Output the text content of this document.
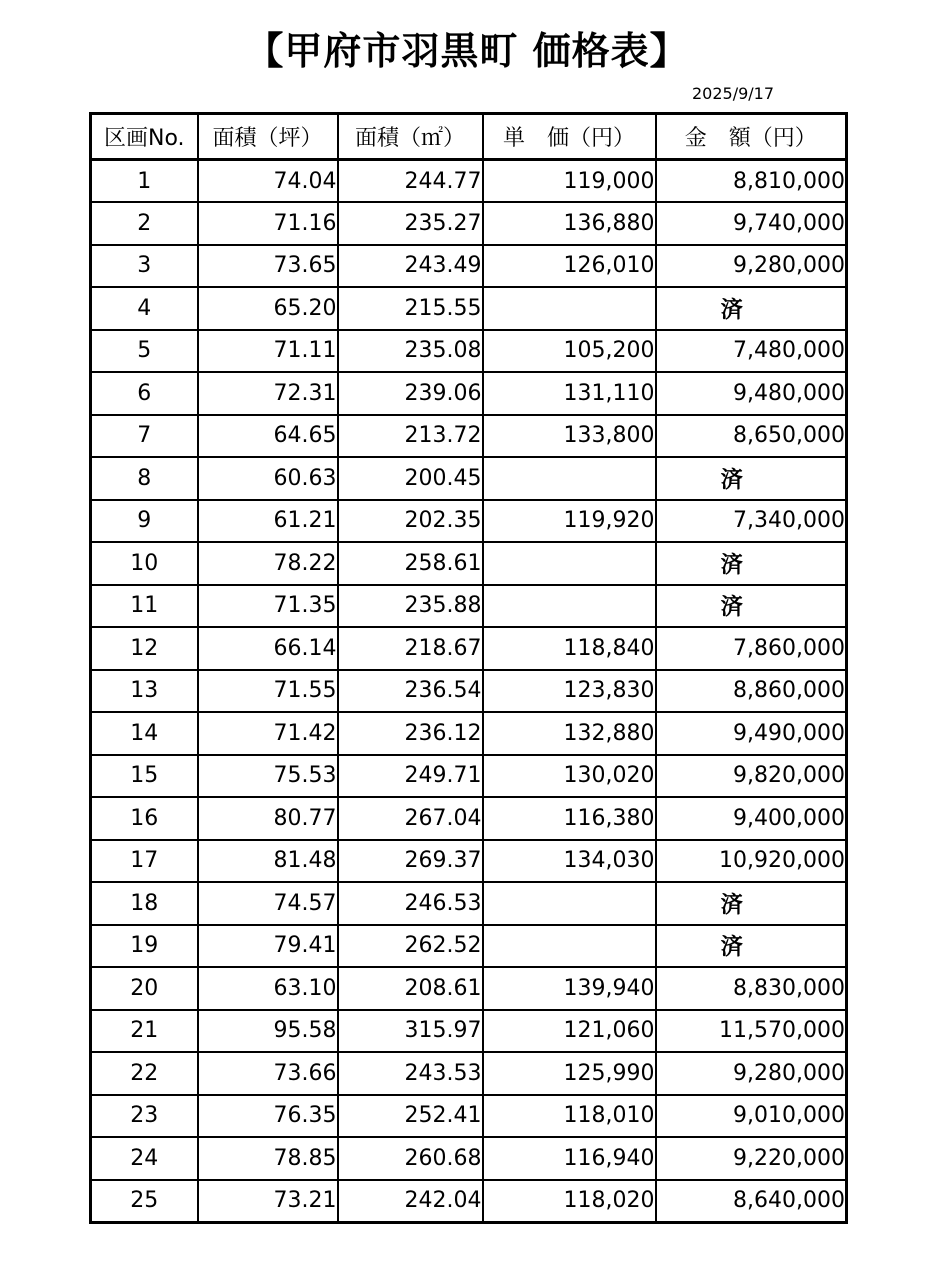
【甲府市羽黒町 価格表】
2025/9/17
区画No.	面積（坪）	面積（㎡）	単　価（円）	金　額（円）
1	74.04	244.77	119,000	8,810,000
2	71.16	235.27	136,880	9,740,000
3	73.65	243.49	126,010	9,280,000
4	65.20	215.55		済
5	71.11	235.08	105,200	7,480,000
6	72.31	239.06	131,110	9,480,000
7	64.65	213.72	133,800	8,650,000
8	60.63	200.45		済
9	61.21	202.35	119,920	7,340,000
10	78.22	258.61		済
11	71.35	235.88		済
12	66.14	218.67	118,840	7,860,000
13	71.55	236.54	123,830	8,860,000
14	71.42	236.12	132,880	9,490,000
15	75.53	249.71	130,020	9,820,000
16	80.77	267.04	116,380	9,400,000
17	81.48	269.37	134,030	10,920,000
18	74.57	246.53		済
19	79.41	262.52		済
20	63.10	208.61	139,940	8,830,000
21	95.58	315.97	121,060	11,570,000
22	73.66	243.53	125,990	9,280,000
23	76.35	252.41	118,010	9,010,000
24	78.85	260.68	116,940	9,220,000
25	73.21	242.04	118,020	8,640,000
